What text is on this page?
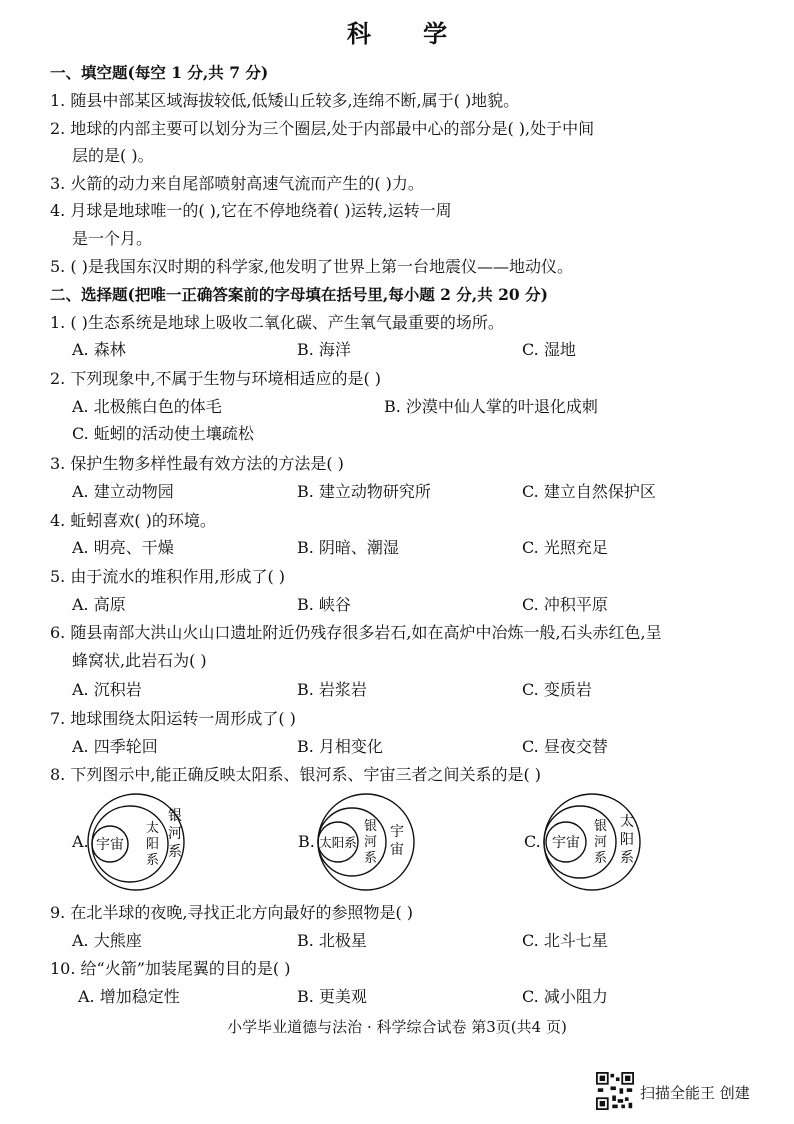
科 学
一、填空题(每空 1 分,共 7 分)
1. 随县中部某区域海拔较低,低矮山丘较多,连绵不断,属于( )地貌。
2. 地球的内部主要可以划分为三个圈层,处于内部最中心的部分是( ),处于中间
层的是( )。
3. 火箭的动力来自尾部喷射高速气流而产生的( )力。
4. 月球是地球唯一的( ),它在不停地绕着( )运转,运转一周
是一个月。
5. ( )是我国东汉时期的科学家,他发明了世界上第一台地震仪——地动仪。
二、选择题(把唯一正确答案前的字母填在括号里,每小题 2 分,共 20 分)
1. ( )生态系统是地球上吸收二氧化碳、产生氧气最重要的场所。
A. 森林	B. 海洋	C. 湿地
2. 下列现象中,不属于生物与环境相适应的是( )
A. 北极熊白色的体毛	B. 沙漠中仙人掌的叶退化成刺
C. 蚯蚓的活动使土壤疏松
3. 保护生物多样性最有效方法的方法是( )
A. 建立动物园	B. 建立动物研究所	C. 建立自然保护区
4. 蚯蚓喜欢( )的环境。
A. 明亮、干燥	B. 阴暗、潮湿	C. 光照充足
5. 由于流水的堆积作用,形成了( )
A. 高原	B. 峡谷	C. 冲积平原
6. 随县南部大洪山火山口遗址附近仍残存很多岩石,如在高炉中冶炼一般,石头赤红色,呈
蜂窝状,此岩石为( )
A. 沉积岩	B. 岩浆岩	C. 变质岩
7. 地球围绕太阳运转一周形成了( )
A. 四季轮回	B. 月相变化	C. 昼夜交替
8. 下列图示中,能正确反映太阳系、银河系、宇宙三者之间关系的是( )
A. 宇宙
太
阳
系
银
河
系
B. 太阳系
银
河
系
宇
宙	C. 宇宙
银
河
系
太
阳
系
9. 在北半球的夜晚,寻找正北方向最好的参照物是( )
A. 大熊座	B. 北极星	C. 北斗七星
10. 给“火箭”加装尾翼的目的是( )
A. 增加稳定性	B. 更美观	C. 减小阻力
小学毕业道德与法治 · 科学综合试卷 第3页(共4 页)
扫描全能王 创建
